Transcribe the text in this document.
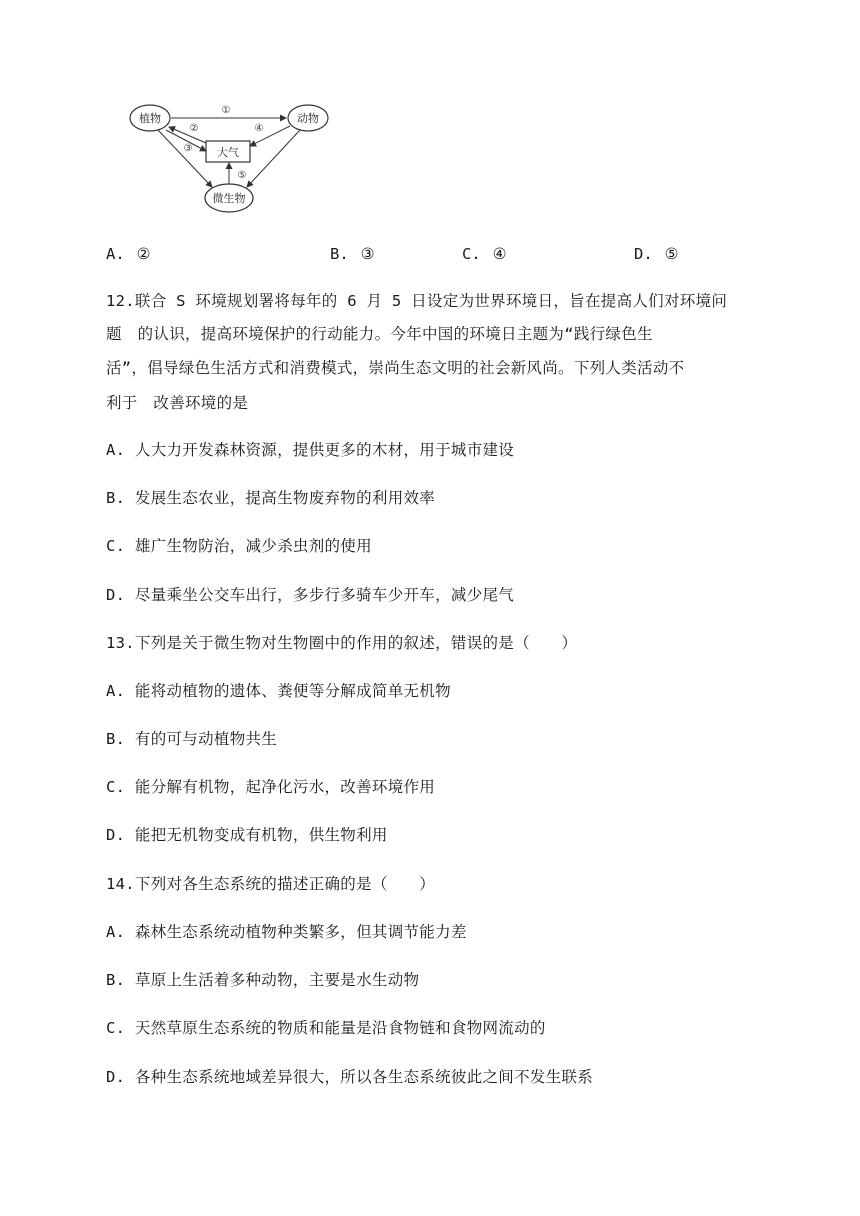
植物	动物
大气
微生物
①
②
③
④
⑤
A. ②	B. ③	C. ④	D. ⑤
12.联合 S 环境规划署将每年的 6 月 5 日设定为世界环境日，旨在提高人们对环境问
题　的认识，提高环境保护的行动能力。今年中国的环境日主题为“践行绿色生
活”，倡导绿色生活方式和消费模式，崇尚生态文明的社会新风尚。下列人类活动不
利于　改善环境的是
A. 人大力开发森林资源，提供更多的木材，用于城市建设
B. 发展生态农业，提高生物废弃物的利用效率
C. 雄广生物防治，减少杀虫剂的使用
D. 尽量乘坐公交车出行，多步行多骑车少开车，减少尾气
13.下列是关于微生物对生物圈中的作用的叙述，错误的是（　　）
A. 能将动植物的遗体、粪便等分解成简单无机物
B. 有的可与动植物共生
C. 能分解有机物，起净化污水，改善环境作用
D. 能把无机物变成有机物，供生物利用
14.下列对各生态系统的描述正确的是（　　）
A. 森林生态系统动植物种类繁多，但其调节能力差
B. 草原上生活着多种动物，主要是水生动物
C. 天然草原生态系统的物质和能量是沿食物链和食物网流动的
D. 各种生态系统地域差异很大，所以各生态系统彼此之间不发生联系
